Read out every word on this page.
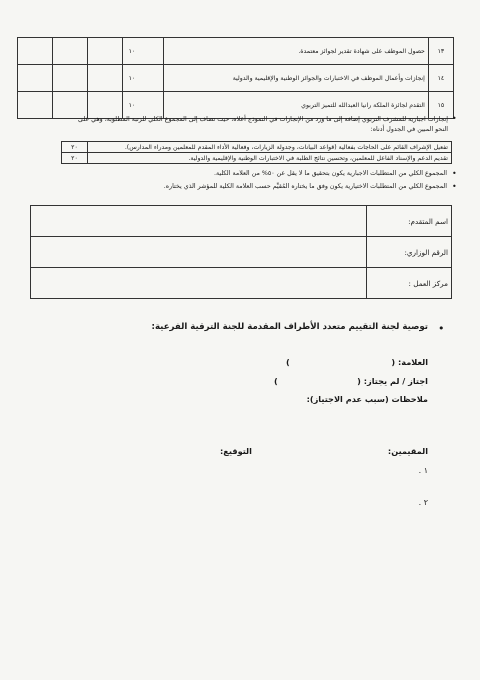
			١٠	حصول الموظف على شهادة تقدير لجوائز معتمدة.	١٣
			١٠	إنجازات وأعمال الموظف في الاختبارات والجوائز الوطنية والإقليمية والدولية	١٤
			١٠	التقدم لجائزة الملكة رانيا العبدالله للتميز التربوي	١٥
•
إنجازات اجبارية للمشرف التربوي إضافة إلى ما ورد من الإنجازات في النموذج أعلاه، حيث تضاف إلى المجموع الكلي للرتبة المطلوبة، وهي على
النحو المبين في الجدول أدناه:
٢٠	تفعيل الإشراف القائم على الحاجات بفعالية (قواعد البيانات، وجدولة الزيارات، وفعالية الأداء المقدم للمعلمين ومدراء المدارس).
٢٠	تقديم الدعم والإسناد الفاعل للمعلمين، وتحسين نتائج الطلبة في الاختبارات الوطنية والإقليمية والدولية.
•
المجموع الكلي من المتطلبات الاجبارية يكون بتحقيق ما لا يقل عن ٥٠% من العلامة الكلية.
•
المجموع الكلي من المتطلبات الاختيارية يكون وفق ما يختاره المُقيِّم حسب العلامة الكلية للمؤشر الذي يختاره.
	اسم المتقدم:
	الرقم الوزاري:
	مركز العمل :
•
توصية لجنة التقييم متعدد الأطراف المقدمة للجنة الترقية الفرعية:
العلامة: (
)
اجتاز / لم يجتاز: (
)
ملاحظات (سبب عدم الاجتياز):
المقيمين:
التوقيع:
١ .
٢ .
